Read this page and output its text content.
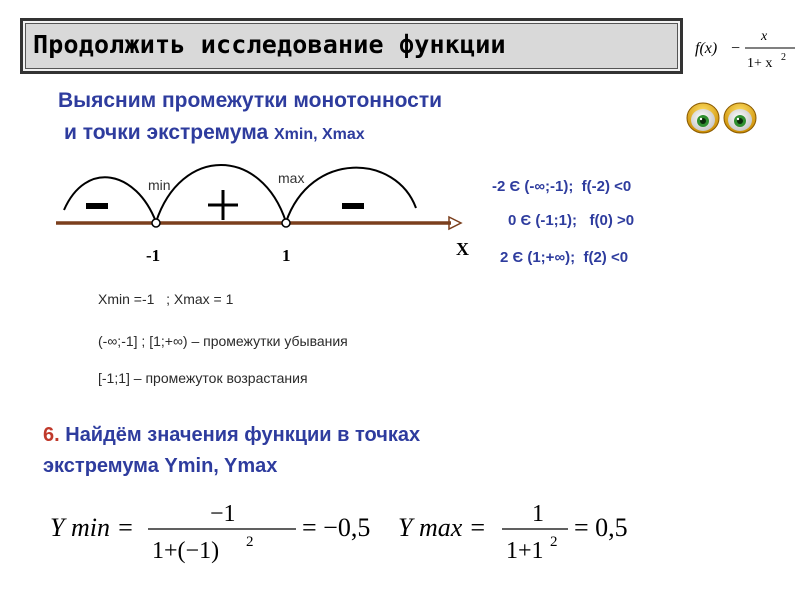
Продолжить исследование функции	f(x) −
x
1+ x 2
Выясним промежутки монотонности
и точки экстремума Xmin, Xmax
min	max
-1	1	X
-2 Є (-∞;-1);  f(-2) <0
0 Є (-1;1);   f(0) >0
2 Є (1;+∞);  f(2) <0
Xmin =-1   ; Xmax = 1
(-∞;-1] ; [1;+∞) – промежутки убывания
[-1;1] – промежуток возрастания
6. Найдём значения функции в точках
экстремума Ymin, Ymax
Y min =	−1
1+(−1) 2 = −0,5 Y max = 1
1+1 2 = 0,5
